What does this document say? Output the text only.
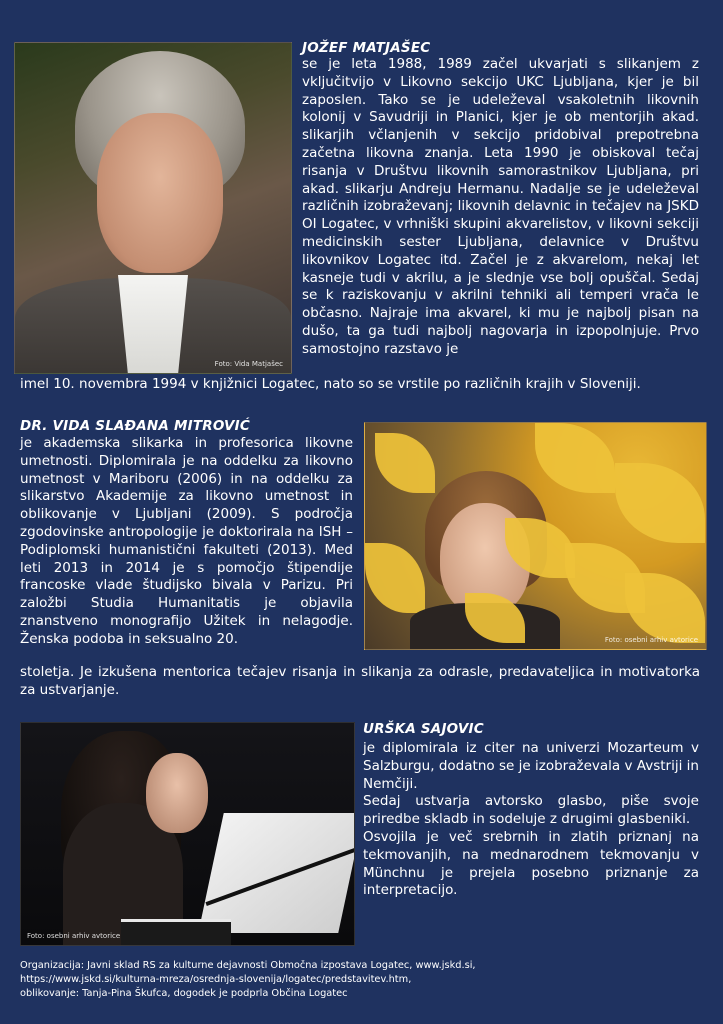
Foto: Vida Matjašec
JOŽEF MATJAŠEC

se je leta 1988, 1989 začel ukvarjati s slikanjem z vključitvijo v Likovno sekcijo UKC Ljubljana, kjer je bil zaposlen. Tako se je udeleževal vsakoletnih likovnih kolonij v Savudriji in Planici, kjer je ob mentorjih akad. slikarjih včlanjenih v sekcijo pridobival prepotrebna začetna likovna znanja. Leta 1990 je obiskoval tečaj risanja v Društvu likovnih samorastnikov Ljubljana, pri akad. slikarju Andreju Hermanu. Nadalje se je udeleževal različnih izobraževanj; likovnih delavnic in tečajev na JSKD OI Logatec, v vrhniški skupini akvarelistov, v likovni sekciji medicinskih sester Ljubljana, delavnice v Društvu likovnikov Logatec itd. Začel je z akvarelom, nekaj let kasneje tudi v akrilu, a je slednje vse bolj opuščal. Sedaj se k raziskovanju v akrilni tehniki ali temperi vrača le občasno. Najraje ima akvarel, ki mu je najbolj pisan na dušo, ta ga tudi najbolj nagovarja in izpopolnjuje. Prvo samostojno razstavo je

imel 10. novembra 1994 v knjižnici Logatec, nato so se vrstile po različnih krajih v Sloveniji.

DR. VIDA SLAĐANA MITROVIĆ

je akademska slikarka in profesorica likovne umetnosti. Diplomirala je na oddelku za likovno umetnost v Mariboru (2006) in na oddelku za slikarstvo Akademije za likovno umetnost in oblikovanje v Ljubljani (2009). S področja zgodovinske antropologije je doktorirala na ISH – Podiplomski humanistični fakulteti (2013). Med leti 2013 in 2014 je s pomočjo štipendije francoske vlade študijsko bivala v Parizu. Pri založbi Studia Humanitatis je objavila znanstveno monografijo Užitek in nelagodje. Ženska podoba in seksualno 20.	Foto: osebni arhiv avtorice

stoletja. Je izkušena mentorica tečajev risanja in slikanja za odrasle, predavateljica in motivatorka za ustvarjanje.

Foto: osebni arhiv avtorice
URŠKA SAJOVIC

je diplomirala iz citer na univerzi Mozarteum v Salzburgu, dodatno se je izobraževala v Avstriji in Nemčiji.

Sedaj ustvarja avtorsko glasbo, piše svoje priredbe skladb in sodeluje z drugimi glasbeniki.

Osvojila je več srebrnih in zlatih priznanj na tekmovanjih, na mednarodnem tekmovanju v Münchnu je prejela posebno priznanje za interpretacijo.

Organizacija: Javni sklad RS za kulturne dejavnosti Območna izpostava Logatec, www.jskd.si,
https://www.jskd.si/kulturna-mreza/osrednja-slovenija/logatec/predstavitev.htm,
oblikovanje: Tanja-Pina Škufca, dogodek je podprla Občina Logatec
